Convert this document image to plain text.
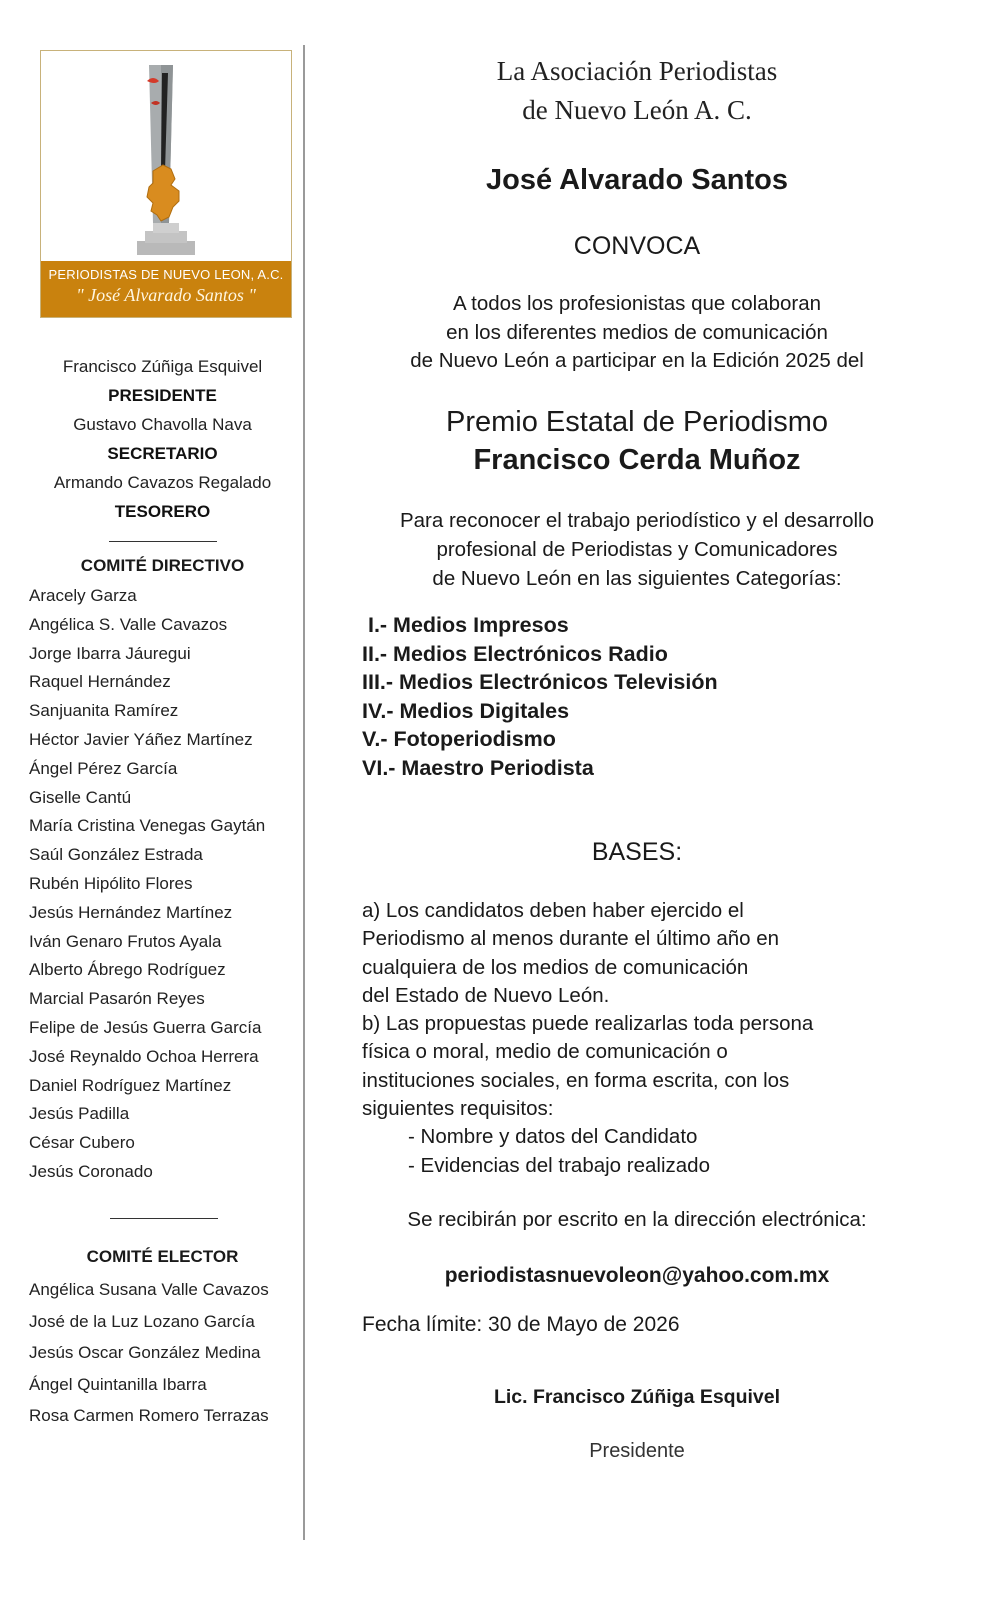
PERIODISTAS DE NUEVO LEON, A.C.
" José Alvarado Santos "
Francisco Zúñiga Esquivel
PRESIDENTE
Gustavo Chavolla Nava
SECRETARIO
Armando Cavazos Regalado
TESORERO
COMITÉ DIRECTIVO
Aracely Garza
Angélica S. Valle Cavazos
Jorge Ibarra Jáuregui
Raquel Hernández
Sanjuanita Ramírez
Héctor Javier Yáñez Martínez
Ángel Pérez García
Giselle Cantú
María Cristina Venegas Gaytán
Saúl González Estrada
Rubén Hipólito Flores
Jesús Hernández Martínez
Iván Genaro Frutos Ayala
Alberto Ábrego Rodríguez
Marcial Pasarón Reyes
Felipe de Jesús Guerra García
José Reynaldo Ochoa Herrera
Daniel Rodríguez Martínez
Jesús Padilla
César Cubero
Jesús Coronado
COMITÉ ELECTOR
Angélica Susana Valle Cavazos
José de la Luz Lozano García
Jesús Oscar González Medina
Ángel Quintanilla Ibarra
Rosa Carmen Romero Terrazas
La Asociación Periodistas
de Nuevo León A. C.
José Alvarado Santos
CONVOCA
A todos los profesionistas que colaboran
en los diferentes medios de comunicación
de Nuevo León a participar en la Edición 2025 del
Premio Estatal de Periodismo
Francisco Cerda Muñoz
Para reconocer el trabajo periodístico y el desarrollo
profesional de Periodistas y Comunicadores
de Nuevo León en las siguientes Categorías:
I.- Medios Impresos
II.- Medios Electrónicos Radio
III.- Medios Electrónicos Televisión
IV.- Medios Digitales
V.- Fotoperiodismo
VI.- Maestro Periodista
BASES:
a) Los candidatos deben haber ejercido el
Periodismo al menos durante el último año en
cualquiera de los medios de comunicación
del Estado de Nuevo León.
b) Las propuestas puede realizarlas toda persona
física o moral, medio de comunicación o
instituciones sociales, en forma escrita, con los
siguientes requisitos:
- Nombre y datos del Candidato
- Evidencias del trabajo realizado
Se recibirán por escrito en la dirección electrónica:
periodistasnuevoleon@yahoo.com.mx
Fecha límite: 30 de Mayo de 2026
Lic. Francisco Zúñiga Esquivel
Presidente
